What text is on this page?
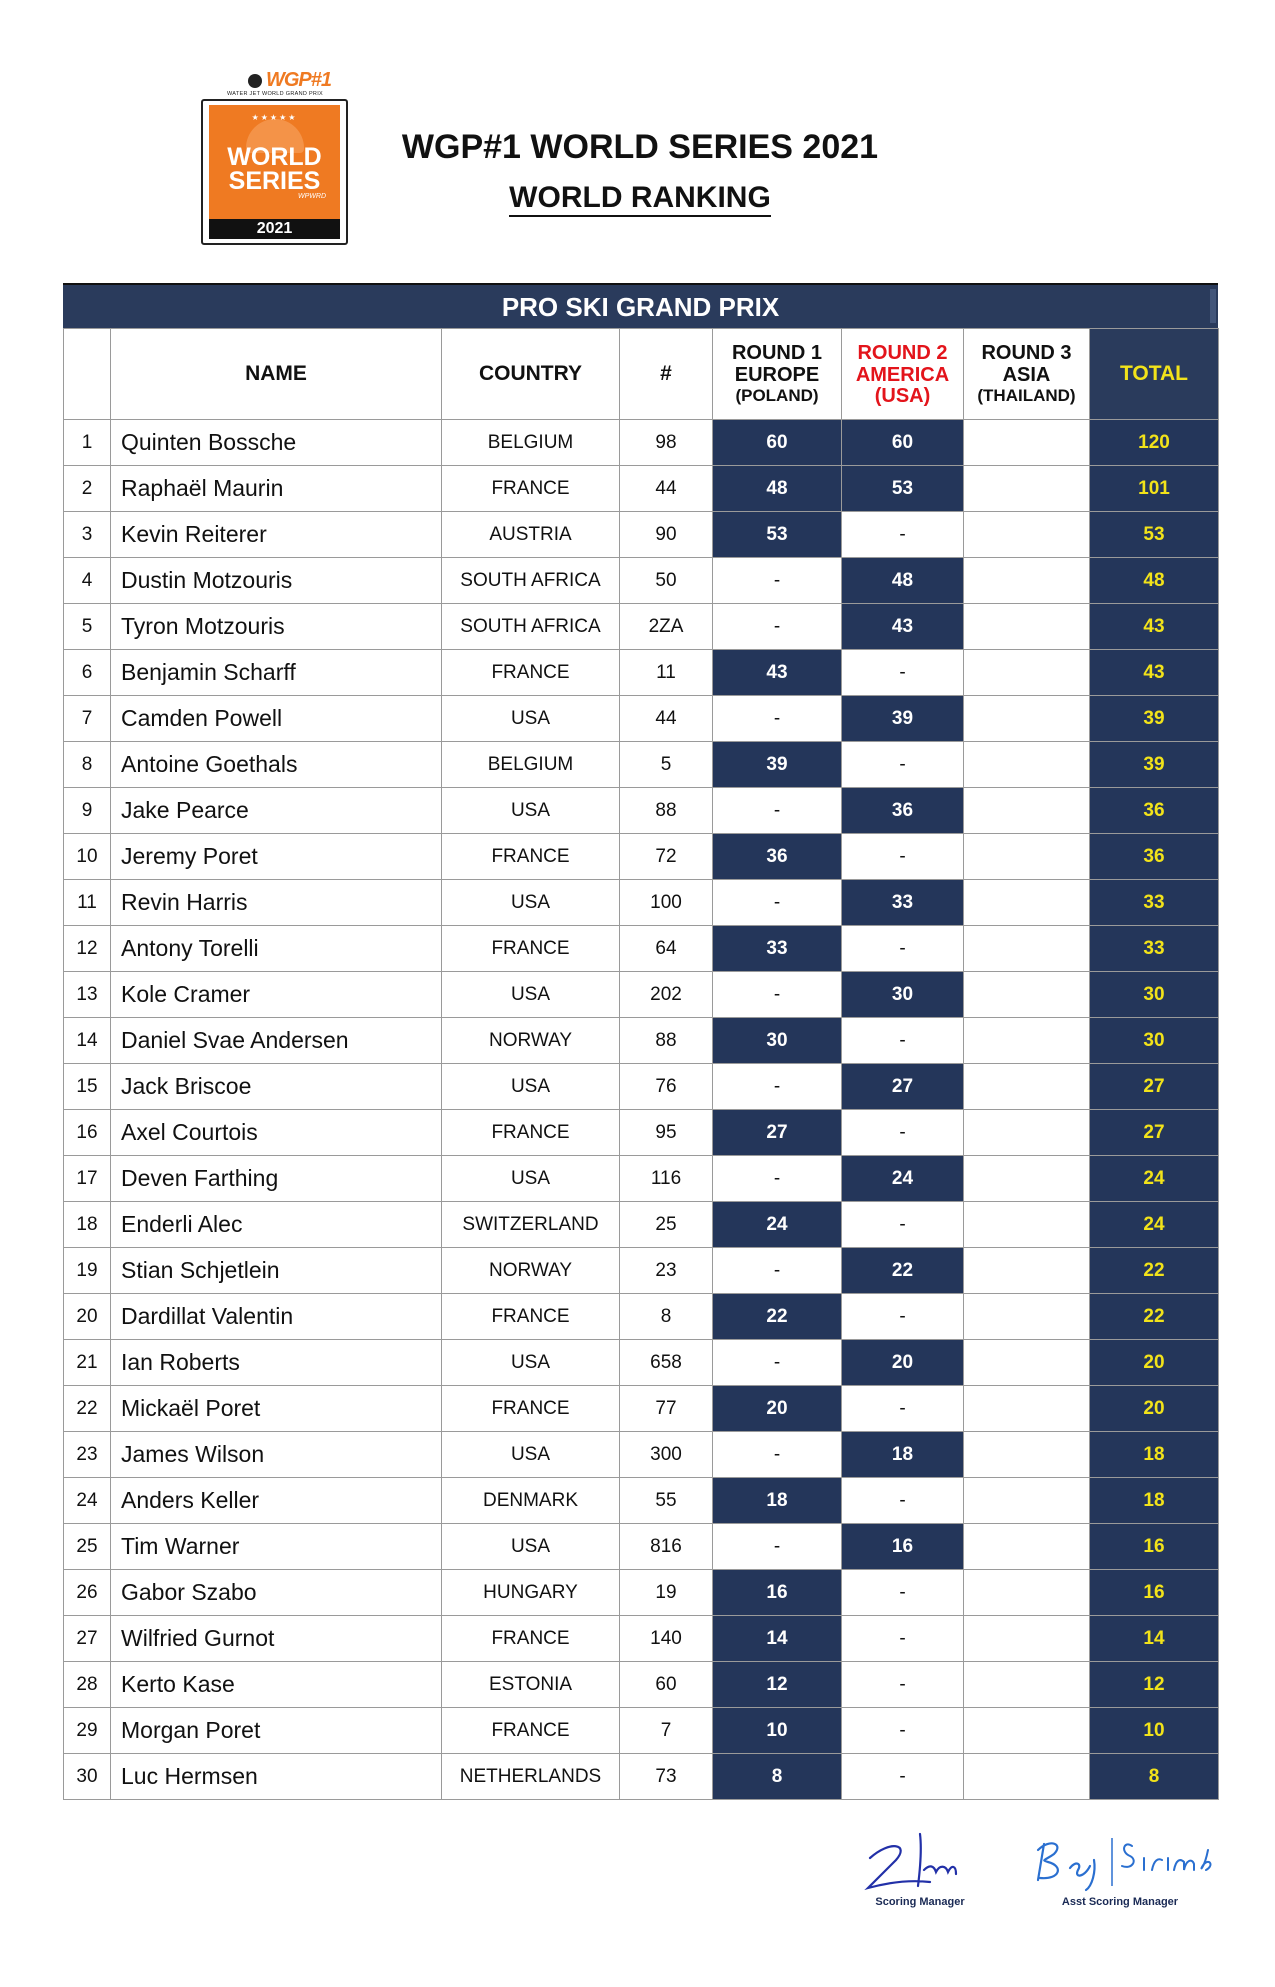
WGP#1
WATER JET WORLD GRAND PRIX
★★★★★
WORLD
SERIES
WPWRD
2021
WGP#1 WORLD SERIES 2021
WORLD RANKING
PRO SKI GRAND PRIX
	NAME	COUNTRY	#	ROUND 1
EUROPE
(POLAND)	ROUND 2
AMERICA
(USA)	ROUND 3
ASIA
(THAILAND)	TOTAL
1	Quinten Bossche	BELGIUM	98	60	60		120
2	Raphaël Maurin	FRANCE	44	48	53		101
3	Kevin Reiterer	AUSTRIA	90	53	-		53
4	Dustin Motzouris	SOUTH AFRICA	50	-	48		48
5	Tyron Motzouris	SOUTH AFRICA	2ZA	-	43		43
6	Benjamin Scharff	FRANCE	11	43	-		43
7	Camden Powell	USA	44	-	39		39
8	Antoine Goethals	BELGIUM	5	39	-		39
9	Jake Pearce	USA	88	-	36		36
10	Jeremy Poret	FRANCE	72	36	-		36
11	Revin Harris	USA	100	-	33		33
12	Antony Torelli	FRANCE	64	33	-		33
13	Kole Cramer	USA	202	-	30		30
14	Daniel Svae Andersen	NORWAY	88	30	-		30
15	Jack Briscoe	USA	76	-	27		27
16	Axel Courtois	FRANCE	95	27	-		27
17	Deven Farthing	USA	116	-	24		24
18	Enderli Alec	SWITZERLAND	25	24	-		24
19	Stian Schjetlein	NORWAY	23	-	22		22
20	Dardillat Valentin	FRANCE	8	22	-		22
21	Ian Roberts	USA	658	-	20		20
22	Mickaël Poret	FRANCE	77	20	-		20
23	James Wilson	USA	300	-	18		18
24	Anders Keller	DENMARK	55	18	-		18
25	Tim Warner	USA	816	-	16		16
26	Gabor Szabo	HUNGARY	19	16	-		16
27	Wilfried Gurnot	FRANCE	140	14	-		14
28	Kerto Kase	ESTONIA	60	12	-		12
29	Morgan Poret	FRANCE	7	10	-		10
30	Luc Hermsen	NETHERLANDS	73	8	-		8
Scoring Manager	Asst Scoring Manager
